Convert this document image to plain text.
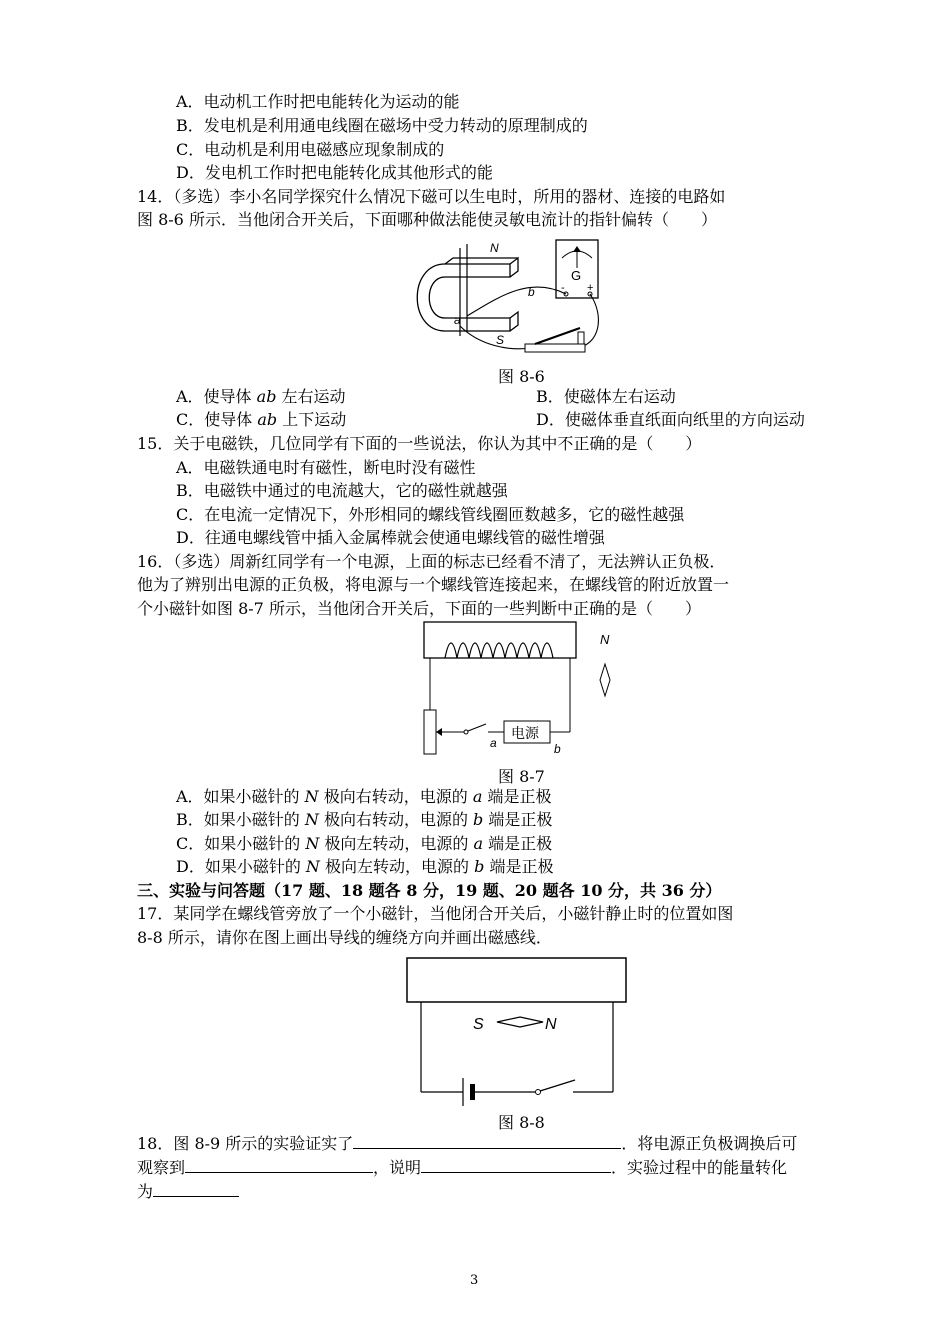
A．电动机工作时把电能转化为运动的能
B．发电机是利用通电线圈在磁场中受力转动的原理制成的
C．电动机是利用电磁感应现象制成的
D．发电机工作时把电能转化成其他形式的能
14．（多选）李小名同学探究什么情况下磁可以生电时，所用的器材、连接的电路如
图 8-6 所示．当他闭合开关后，下面哪种做法能使灵敏电流计的指针偏转（　　）
N
S
a
b
G
- +
图 8-6
A．使导体 ab 左右运动	B．使磁体左右运动
C．使导体 ab 上下运动	D．使磁体垂直纸面向纸里的方向运动
15．关于电磁铁，几位同学有下面的一些说法，你认为其中不正确的是（　　）
A．电磁铁通电时有磁性，断电时没有磁性
B．电磁铁中通过的电流越大，它的磁性就越强
C．在电流一定情况下，外形相同的螺线管线圈匝数越多，它的磁性越强
D．往通电螺线管中插入金属棒就会使通电螺线管的磁性增强
16．（多选）周新红同学有一个电源，上面的标志已经看不清了，无法辨认正负极．
他为了辨别出电源的正负极，将电源与一个螺线管连接起来，在螺线管的附近放置一
个小磁针如图 8-7 所示，当他闭合开关后，下面的一些判断中正确的是（　　）
电源
a	b
N
图 8-7
A．如果小磁针的 N 极向右转动，电源的 a 端是正极
B．如果小磁针的 N 极向右转动，电源的 b 端是正极
C．如果小磁针的 N 极向左转动，电源的 a 端是正极
D．如果小磁针的 N 极向左转动，电源的 b 端是正极
三、实验与问答题（17 题、18 题各 8 分，19 题、20 题各 10 分，共 36 分）
17．某同学在螺线管旁放了一个小磁针，当他闭合开关后，小磁针静止时的位置如图
8-8 所示，请你在图上画出导线的缠绕方向并画出磁感线．
S	N
图 8-8
18．图 8-9 所示的实验证实了	．将电源正负极调换后可
观察到	，说明	．实验过程中的能量转化
为
3
